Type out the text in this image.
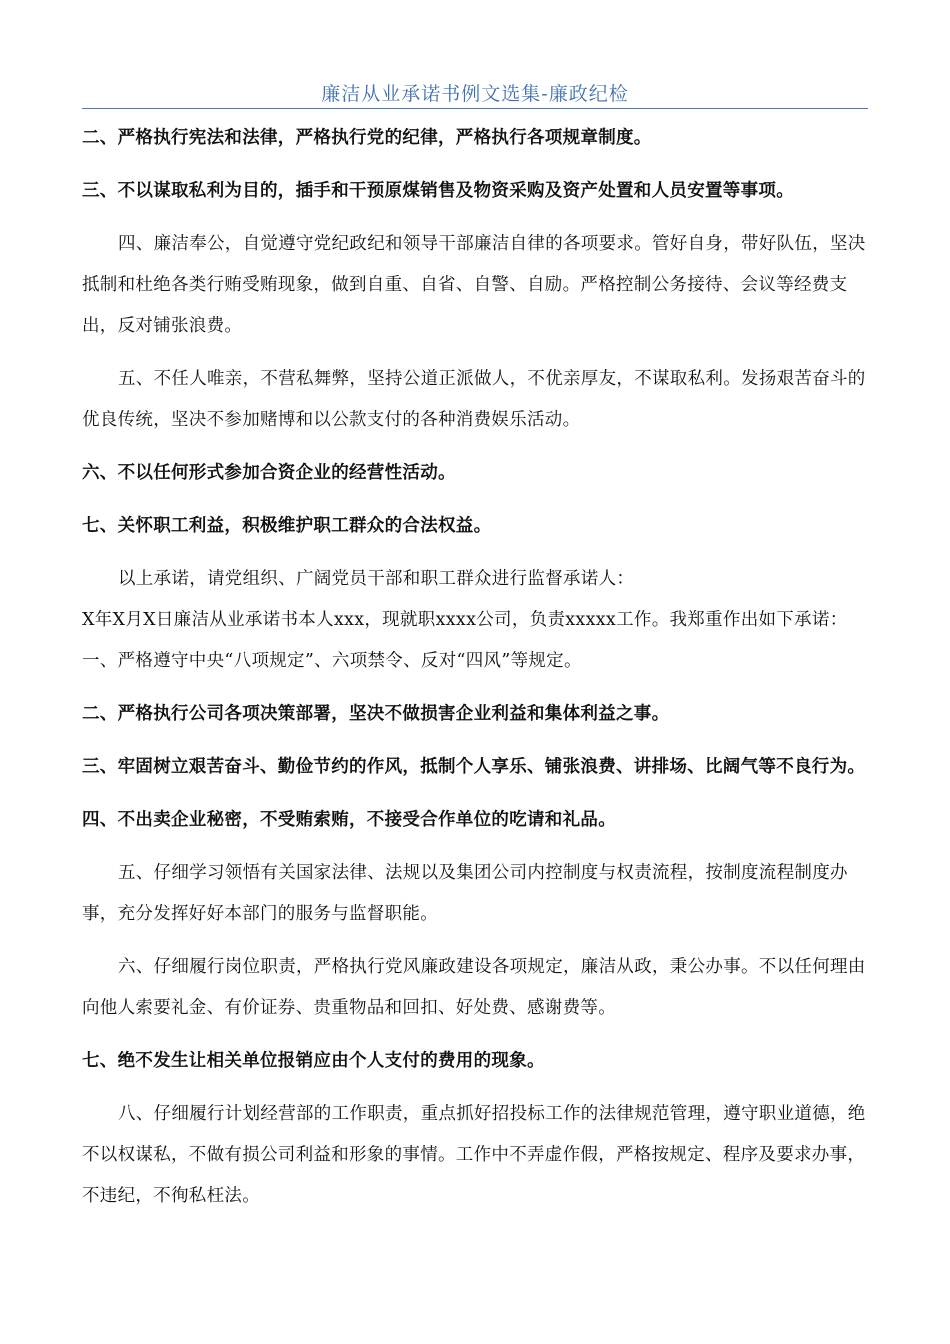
廉洁从业承诺书例文选集-廉政纪检

二、严格执行宪法和法律，严格执行党的纪律，严格执行各项规章制度。

三、不以谋取私利为目的，插手和干预原煤销售及物资采购及资产处置和人员安置等事项。

四、廉洁奉公，自觉遵守党纪政纪和领导干部廉洁自律的各项要求。管好自身，带好队伍，坚决抵制和杜绝各类行贿受贿现象，做到自重、自省、自警、自励。严格控制公务接待、会议等经费支出，反对铺张浪费。

五、不任人唯亲，不营私舞弊，坚持公道正派做人，不优亲厚友，不谋取私利。发扬艰苦奋斗的优良传统，坚决不参加赌博和以公款支付的各种消费娱乐活动。

六、不以任何形式参加合资企业的经营性活动。

七、关怀职工利益，积极维护职工群众的合法权益。

以上承诺，请党组织、广阔党员干部和职工群众进行监督承诺人：

X年X月X日廉洁从业承诺书本人xxx，现就职xxxx公司，负责xxxxx工作。我郑重作出如下承诺：

一、严格遵守中央“八项规定”、六项禁令、反对“四风”等规定。

二、严格执行公司各项决策部署，坚决不做损害企业利益和集体利益之事。

三、牢固树立艰苦奋斗、勤俭节约的作风，抵制个人享乐、铺张浪费、讲排场、比阔气等不良行为。

四、不出卖企业秘密，不受贿索贿，不接受合作单位的吃请和礼品。

五、仔细学习领悟有关国家法律、法规以及集团公司内控制度与权责流程，按制度流程制度办事，充分发挥好好本部门的服务与监督职能。

六、仔细履行岗位职责，严格执行党风廉政建设各项规定，廉洁从政，秉公办事。不以任何理由向他人索要礼金、有价证券、贵重物品和回扣、好处费、感谢费等。

七、绝不发生让相关单位报销应由个人支付的费用的现象。

八、仔细履行计划经营部的工作职责，重点抓好招投标工作的法律规范管理，遵守职业道德，绝不以权谋私，不做有损公司利益和形象的事情。工作中不弄虚作假，严格按规定、程序及要求办事，不违纪，不徇私枉法。
